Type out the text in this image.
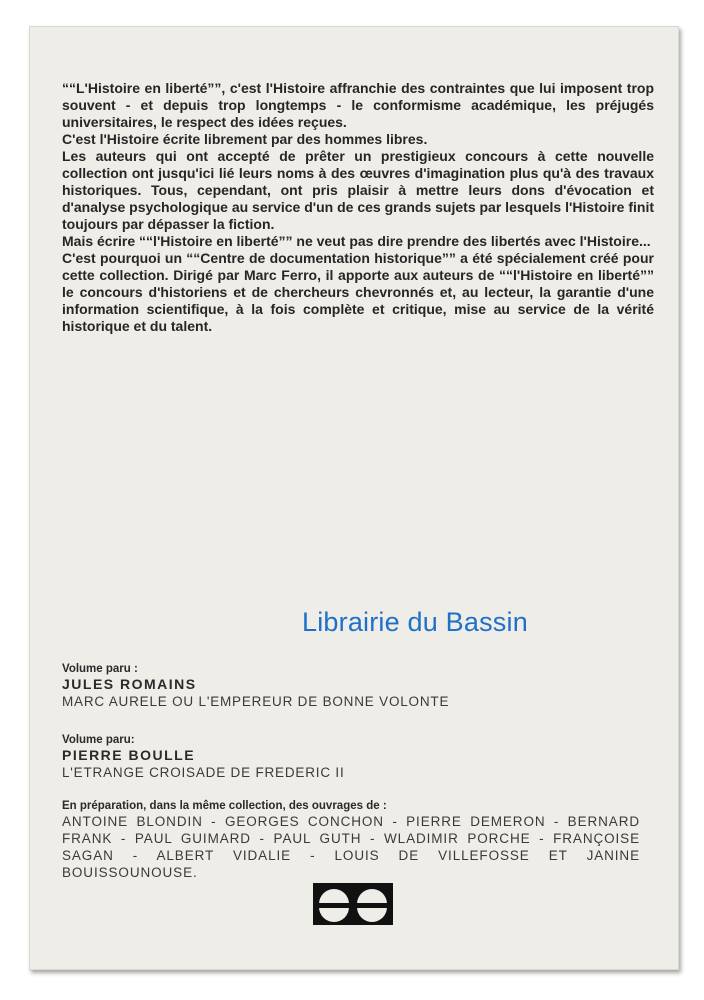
““L'Histoire en liberté””, c'est l'Histoire affranchie des contraintes que lui imposent trop souvent - et depuis trop longtemps - le conformisme académique, les préjugés universitaires, le respect des idées reçues.

C'est l'Histoire écrite librement par des hommes libres.

Les auteurs qui ont accepté de prêter un prestigieux concours à cette nouvelle collection ont jusqu'ici lié leurs noms à des œuvres d'imagination plus qu'à des travaux historiques. Tous, cependant, ont pris plaisir à mettre leurs dons d'évocation et d'analyse psychologique au service d'un de ces grands sujets par lesquels l'Histoire finit toujours par dépasser la fiction.

Mais écrire ““l'Histoire en liberté”” ne veut pas dire prendre des libertés avec l'Histoire...

C'est pourquoi un ““Centre de documentation historique”” a été spécialement créé pour cette collection. Dirigé par Marc Ferro, il apporte aux auteurs de ““l'Histoire en liberté”” le concours d'historiens et de chercheurs chevronnés et, au lecteur, la garantie d'une information scientifique, à la fois complète et critique, mise au service de la vérité historique et du talent.

Librairie du Bassin
Volume paru :
JULES ROMAINS
MARC AURELE OU L'EMPEREUR DE BONNE VOLONTE
Volume paru:
PIERRE BOULLE
L'ETRANGE CROISADE DE FREDERIC II
En préparation, dans la même collection, des ouvrages de :
ANTOINE BLONDIN - GEORGES CONCHON - PIERRE DEMERON - BERNARD FRANK - PAUL GUIMARD - PAUL GUTH - WLADIMIR PORCHE - FRANÇOISE SAGAN - ALBERT VIDALIE - LOUIS DE VILLEFOSSE ET JANINE BOUISSOUNOUSE.
